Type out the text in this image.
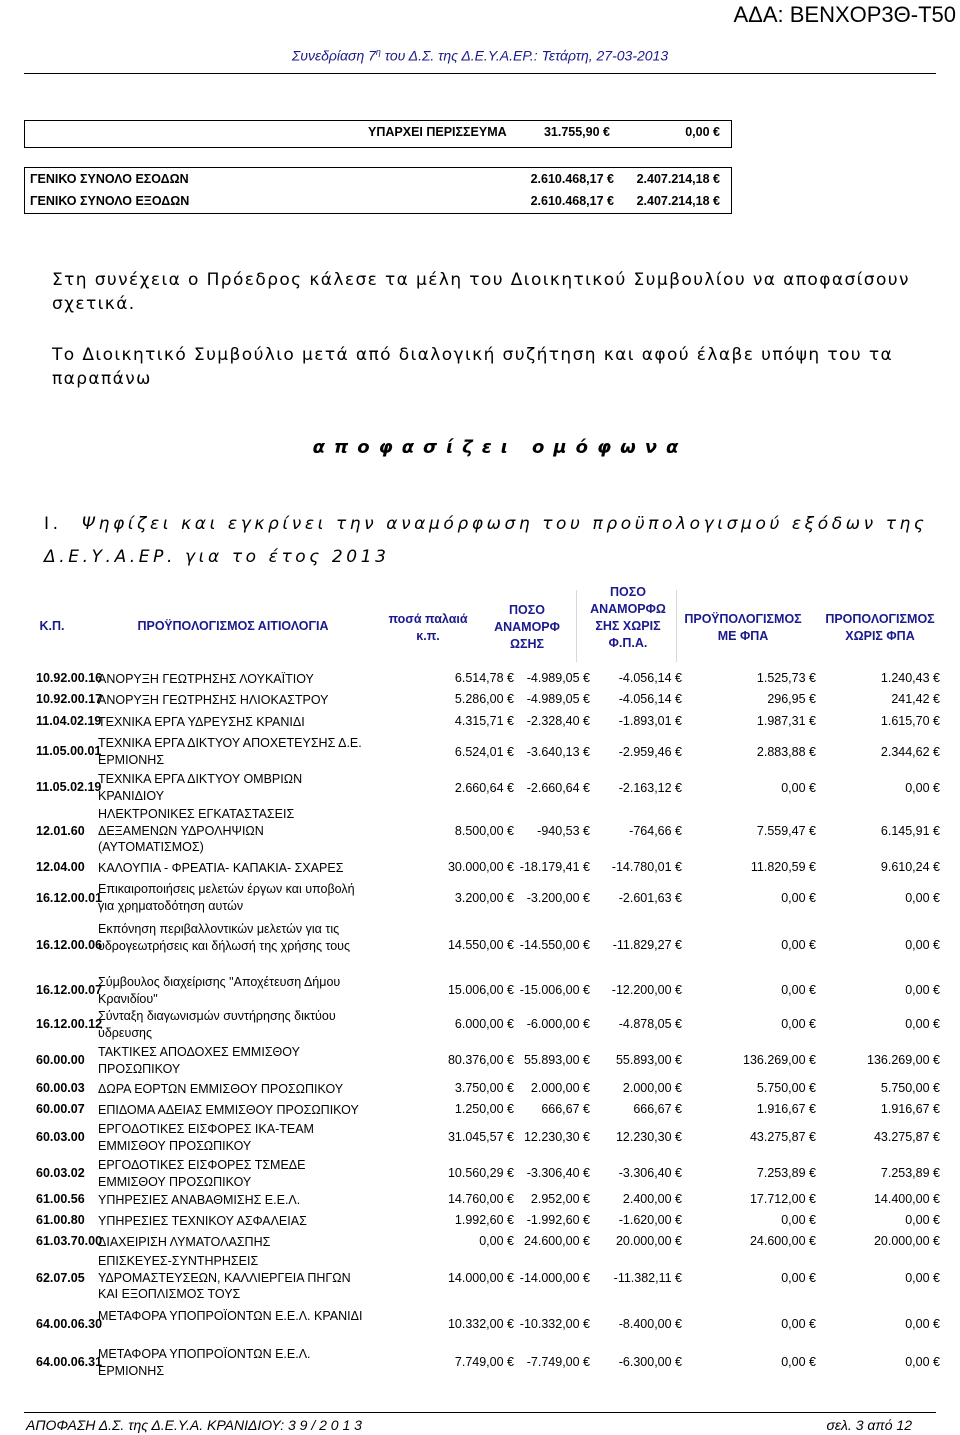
ΑΔΑ: ΒΕΝΧΟΡ3Θ-Τ50
Συνεδρίαση $7^\eta$ του Δ.Σ. της Δ.Ε.Υ.Α.ΕΡ.: Τετάρτη, 27-03-2013
ΥΠΑΡΧΕΙ ΠΕΡΙΣΣΕΥΜΑ	31.755,90 €	0,00 €
ΓΕΝΙΚΟ ΣΥΝΟΛΟ ΕΣΟΔΩΝ	2.610.468,17 € 2.407.214,18 €
ΓΕΝΙΚΟ ΣΥΝΟΛΟ ΕΞΟΔΩΝ	2.610.468,17 € 2.407.214,18 €
Στη συνέχεια ο Πρόεδρος κάλεσε τα μέλη του Διοικητικού Συμβουλίου να αποφασίσουν σχετικά.
Το Διοικητικό Συμβούλιο μετά από διαλογική συζήτηση και αφού έλαβε υπόψη του τα παραπάνω
αποφασίζει ομόφωνα
Ι. Ψηφίζει και εγκρίνει την αναμόρφωση του προϋπολογισμού εξόδων της Δ.Ε.Υ.Α.ΕΡ. για το έτος 2013
Κ.Π.	ΠΡΟΫΠΟΛΟΓΙΣΜΟΣ ΑΙΤΙΟΛΟΓΙΑ	ποσά παλαιά κ.π.
ΠΟΣΟ ΑΝΑΜΟΡΦ ΩΣΗΣ
ΠΟΣΟ ΑΝΑΜΟΡΦΩ ΣΗΣ ΧΩΡΙΣ Φ.Π.Α.
ΠΡΟΫΠΟΛΟΓΙΣΜΟΣ ΜΕ ΦΠΑ
ΠΡΟΠΟΛΟΓΙΣΜΟΣ ΧΩΡΙΣ ΦΠΑ
10.92.00.16
ΑΝΟΡΥΞΗ ΓΕΩΤΡΗΣΗΣ ΛΟΥΚΑΪΤΙΟΥ	6.514,78 € -4.989,05 € -4.056,14 €	1.525,73 €	1.240,43 €
10.92.00.17
ΑΝΟΡΥΞΗ ΓΕΩΤΡΗΣΗΣ ΗΛΙΟΚΑΣΤΡΟΥ	5.286,00 € -4.989,05 € -4.056,14 €	296,95 €	241,42 €
11.04.02.19
ΤΕΧΝΙΚΑ ΕΡΓΑ ΥΔΡΕΥΣΗΣ ΚΡΑΝΙΔΙ	4.315,71 € -2.328,40 € -1.893,01 €	1.987,31 €	1.615,70 €
11.05.00.01
ΤΕΧΝΙΚΑ ΕΡΓΑ ΔΙΚΤΥΟΥ ΑΠΟΧΕΤΕΥΣΗΣ Δ.Ε. ΕΡΜΙΟΝΗΣ
6.524,01 € -3.640,13 € -2.959,46 €	2.883,88 €	2.344,62 €
11.05.02.19
ΤΕΧΝΙΚΑ ΕΡΓΑ ΔΙΚΤΥΟΥ ΟΜΒΡΙΩΝ ΚΡΑΝΙΔΙΟΥ
2.660,64 € -2.660,64 € -2.163,12 €	0,00 €	0,00 €
12.01.60
ΗΛΕΚΤΡΟΝΙΚΕΣ ΕΓΚΑΤΑΣΤΑΣΕΙΣ ΔΕΞΑΜΕΝΩΝ ΥΔΡΟΛΗΨΙΩΝ (ΑΥΤΟΜΑΤΙΣΜΟΣ)
8.500,00 € -940,53 €	-764,66 €	7.559,47 €	6.145,91 €
12.04.00 ΚΑΛΟΥΠΙΑ - ΦΡΕΑΤΙΑ- ΚΑΠΑΚΙΑ- ΣΧΑΡΕΣ	30.000,00 € -18.179,41 € -14.780,01 €	11.820,59 €	9.610,24 €
16.12.00.01
Επικαιροποιήσεις μελετών έργων και υποβολή για χρηματοδότηση αυτών
3.200,00 € -3.200,00 € -2.601,63 €	0,00 €	0,00 €
16.12.00.06
Εκπόνηση περιβαλλοντικών μελετών για τις υδρογεωτρήσεις και δήλωσή της χρήσης τους	14.550,00 € -14.550,00 € -11.829,27 €	0,00 €	0,00 €
16.12.00.07
Σύμβουλος διαχείρισης "Αποχέτευση Δήμου Κρανιδίου"
15.006,00 € -15.006,00 € -12.200,00 €	0,00 €	0,00 €
16.12.00.12
Σύνταξη διαγωνισμών συντήρησης δικτύου ύδρευσης
6.000,00 € -6.000,00 € -4.878,05 €	0,00 €	0,00 €
60.00.00
ΤΑΚΤΙΚΕΣ ΑΠΟΔΟΧΕΣ ΕΜΜΙΣΘΟΥ ΠΡΟΣΩΠΙΚΟΥ
80.376,00 € 55.893,00 € 55.893,00 €	136.269,00 €	136.269,00 €
60.00.03 ΔΩΡΑ ΕΟΡΤΩΝ ΕΜΜΙΣΘΟΥ ΠΡΟΣΩΠΙΚΟΥ	3.750,00 € 2.000,00 €	2.000,00 €	5.750,00 €	5.750,00 €
60.00.07 ΕΠΙΔΟΜΑ ΑΔΕΙΑΣ ΕΜΜΙΣΘΟΥ ΠΡΟΣΩΠΙΚΟΥ	1.250,00 € 666,67 €	666,67 €	1.916,67 €	1.916,67 €
60.03.00
ΕΡΓΟΔΟΤΙΚΕΣ ΕΙΣΦΟΡΕΣ ΙΚΑ-ΤΕΑΜ ΕΜΜΙΣΘΟΥ ΠΡΟΣΩΠΙΚΟΥ
31.045,57 € 12.230,30 € 12.230,30 €	43.275,87 €	43.275,87 €
60.03.02
ΕΡΓΟΔΟΤΙΚΕΣ ΕΙΣΦΟΡΕΣ ΤΣΜΕΔΕ ΕΜΜΙΣΘΟΥ ΠΡΟΣΩΠΙΚΟΥ
10.560,29 € -3.306,40 € -3.306,40 €	7.253,89 €	7.253,89 €
61.00.56 ΥΠΗΡΕΣΙΕΣ ΑΝΑΒΑΘΜΙΣΗΣ Ε.Ε.Λ.	14.760,00 € 2.952,00 €	2.400,00 €	17.712,00 €	14.400,00 €
61.00.80 ΥΠΗΡΕΣΙΕΣ ΤΕΧΝΙΚΟΥ ΑΣΦΑΛΕΙΑΣ	1.992,60 € -1.992,60 € -1.620,00 €	0,00 €	0,00 €
61.03.70.00
ΔΙΑΧΕΙΡΙΣΗ ΛΥΜΑΤΟΛΑΣΠΗΣ	0,00 € 24.600,00 € 20.000,00 €	24.600,00 €	20.000,00 €
62.07.05
ΕΠΙΣΚΕΥΕΣ-ΣΥΝΤΗΡΗΣΕΙΣ ΥΔΡΟΜΑΣΤΕΥΣΕΩΝ, ΚΑΛΛΙΕΡΓΕΙΑ ΠΗΓΩΝ ΚΑΙ ΕΞΟΠΛΙΣΜΟΣ ΤΟΥΣ
14.000,00 € -14.000,00 € -11.382,11 €	0,00 €	0,00 €
64.00.06.30
ΜΕΤΑΦΟΡΑ ΥΠΟΠΡΟΪΟΝΤΩΝ Ε.Ε.Λ. ΚΡΑΝΙΔΙ
10.332,00 € -10.332,00 € -8.400,00 €	0,00 €	0,00 €
64.00.06.31
ΜΕΤΑΦΟΡΑ ΥΠΟΠΡΟΪΟΝΤΩΝ Ε.Ε.Λ. ΕΡΜΙΟΝΗΣ
7.749,00 € -7.749,00 € -6.300,00 €	0,00 €	0,00 €
ΑΠΟΦΑΣΗ Δ.Σ. της Δ.Ε.Υ.Α. ΚΡΑΝΙΔΙΟΥ: 3 9 / 2 0 1 3	σελ. 3 από 12
